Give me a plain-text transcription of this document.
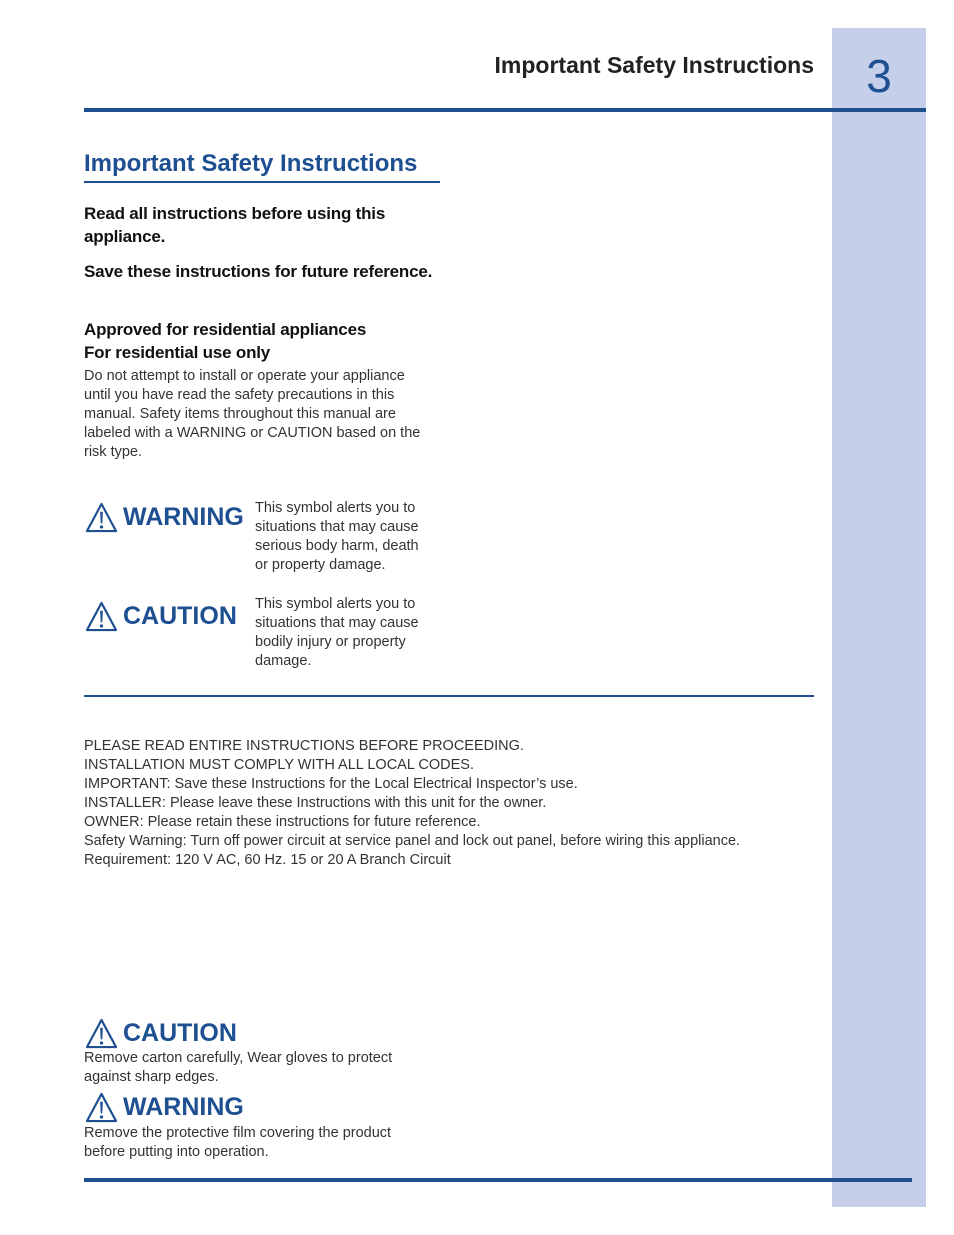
3
Important Safety Instructions
Important Safety Instructions
Read all instructions before using this appliance.
Save these instructions for future reference.
Approved for residential appliances
For residential use only
Do not attempt to install or operate your appliance until you have read the safety precautions in this manual. Safety items throughout this manual are labeled with a WARNING or CAUTION based on the risk type.
WARNING This symbol alerts you to situations that may cause serious body harm, death or property damage.
CAUTION This symbol alerts you to situations that may cause bodily injury or property damage.
PLEASE READ ENTIRE INSTRUCTIONS BEFORE PROCEEDING.
INSTALLATION MUST COMPLY WITH ALL LOCAL CODES.
IMPORTANT: Save these Instructions for the Local Electrical Inspector’s use.
INSTALLER: Please leave these Instructions with this unit for the owner.
OWNER: Please retain these instructions for future reference.
Safety Warning: Turn off power circuit at service panel and lock out panel, before wiring this appliance.
Requirement: 120 V AC, 60 Hz. 15 or 20 A Branch Circuit
CAUTION
Remove carton carefully, Wear gloves to protect against sharp edges.
WARNING
Remove the protective film covering the product before putting into operation.
